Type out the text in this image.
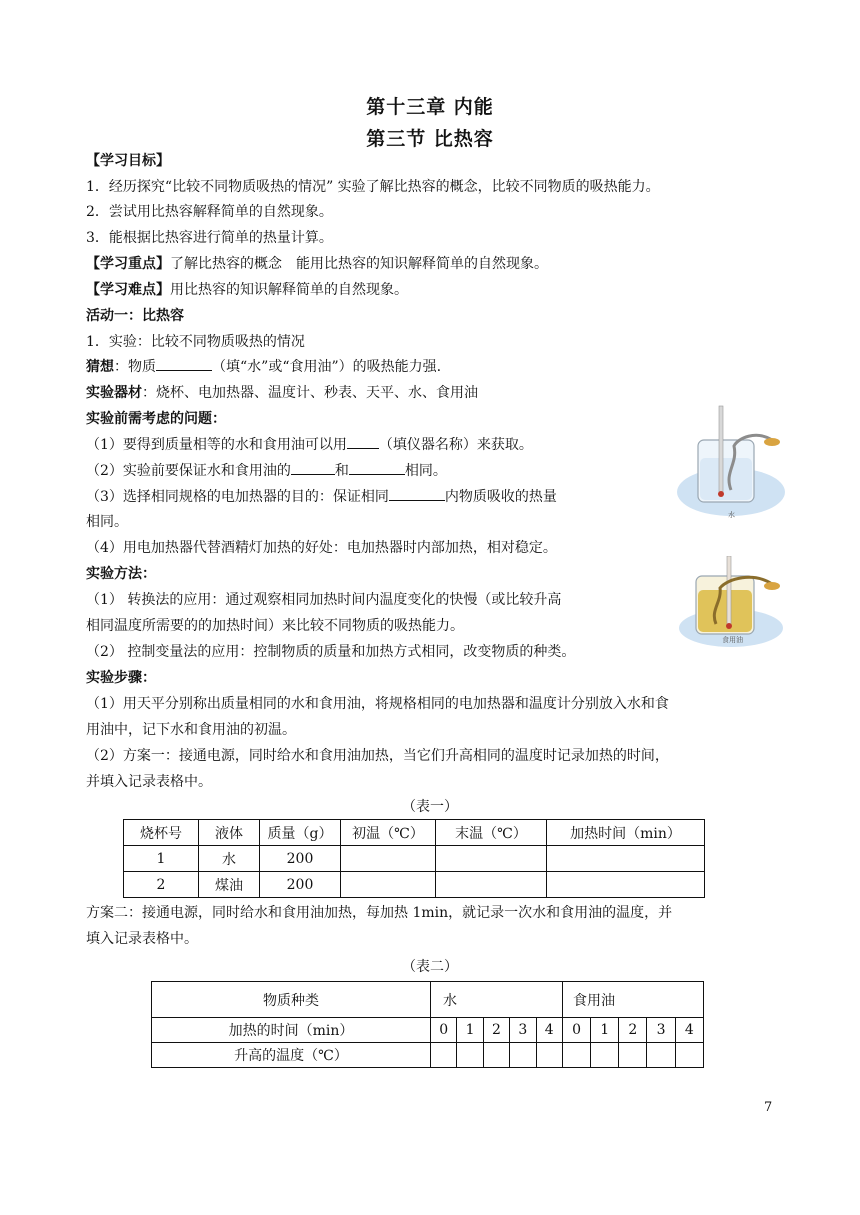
第十三章 内能
第三节 比热容
【学习目标】
1．经历探究“比较不同物质吸热的情况” 实验了解比热容的概念，比较不同物质的吸热能力。
2．尝试用比热容解释简单的自然现象。
3．能根据比热容进行简单的热量计算。
【学习重点】了解比热容的概念　能用比热容的知识解释简单的自然现象。
【学习难点】用比热容的知识解释简单的自然现象。
活动一：比热容
1．实验：比较不同物质吸热的情况
猜想：物质	（填“水”或“食用油”）的吸热能力强.
实验器材：烧杯、电加热器、温度计、秒表、天平、水、食用油
实验前需考虑的问题：
（1）要得到质量相等的水和食用油可以用 （填仪器名称）来获取。
（2）实验前要保证水和食用油的	和	相同。
（3）选择相同规格的电加热器的目的：保证相同	内物质吸收的热量
相同。
（4）用电加热器代替酒精灯加热的好处：电加热器时内部加热，相对稳定。
实验方法：
（1） 转换法的应用：通过观察相同加热时间内温度变化的快慢（或比较升高
相同温度所需要的的加热时间）来比较不同物质的吸热能力。
（2） 控制变量法的应用：控制物质的质量和加热方式相同，改变物质的种类。
实验步骤：
（1）用天平分别称出质量相同的水和食用油，将规格相同的电加热器和温度计分别放入水和食
用油中，记下水和食用油的初温。
（2）方案一：接通电源，同时给水和食用油加热，当它们升高相同的温度时记录加热的时间，
并填入记录表格中。
水
食用油
（表一）
烧杯号	液体	质量（g）	初温（℃）	末温（℃）	加热时间（min）
1	水	200			
2	煤油	200			
方案二：接通电源，同时给水和食用油加热，每加热 1min，就记录一次水和食用油的温度，并
填入记录表格中。
（表二）
物质种类	水					食用油				
加热的时间（min）	0	1	2	3	4	0	1	2	3	4
升高的温度（℃）										
7
